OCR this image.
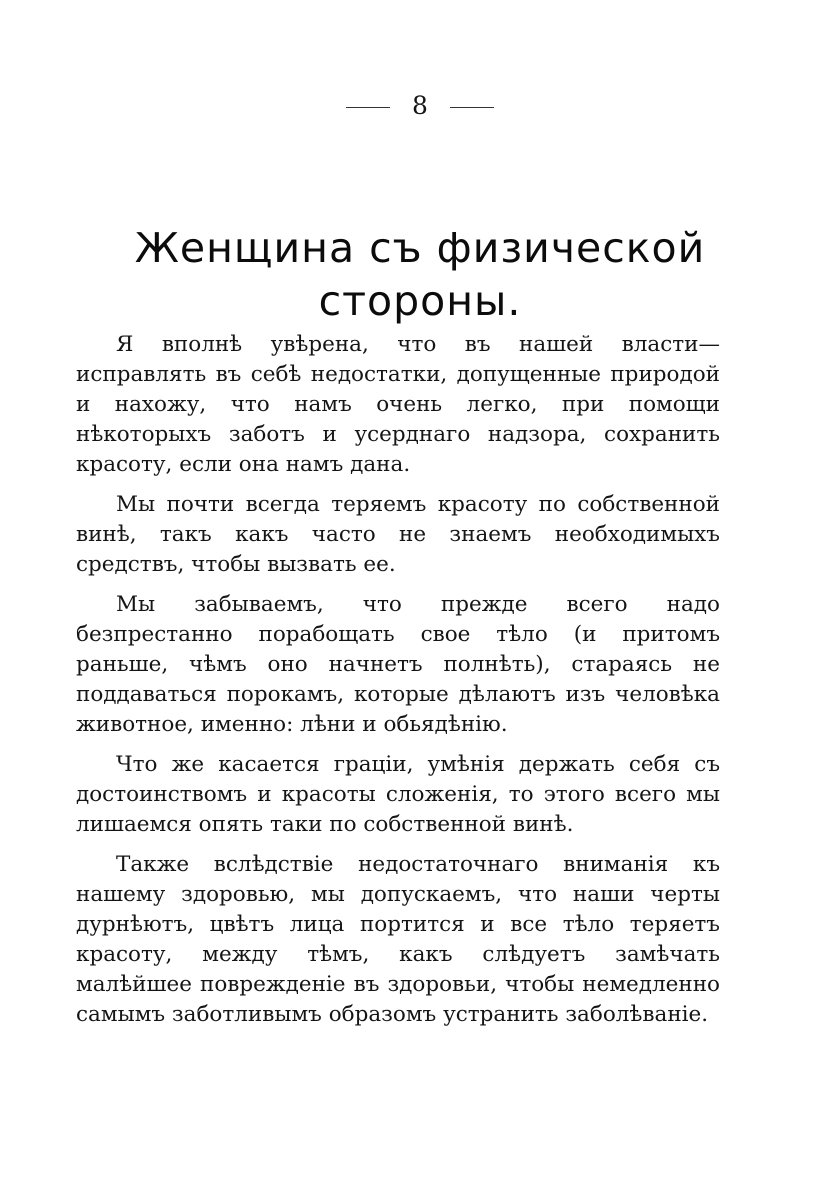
8
Женщина съ физической
стороны.

Я вполнѣ увѣрена, что въ нашей власти—исправлять въ себѣ недостатки, допущенные природой и нахожу, что намъ очень легко, при помощи нѣкоторыхъ заботъ и усерднаго надзора, сохранить красоту, если она намъ дана.

Мы почти всегда теряемъ красоту по собственной винѣ, такъ какъ часто не знаемъ необходимыхъ средствъ, чтобы вызвать ее.

Мы забываемъ, что прежде всего надо безпрестанно порабощать свое тѣло (и притомъ раньше, чѣмъ оно начнетъ полнѣть), стараясь не поддаваться порокамъ, которые дѣлаютъ изъ человѣка животное, именно: лѣни и обьядѣнiю.

Что же касается грацiи, умѣнiя держать себя съ достоинствомъ и красоты сложенiя, то этого всего мы лишаемся опять таки по собственной винѣ.

Также вслѣдствiе недостаточнаго вниманiя къ нашему здоровью, мы допускаемъ, что наши черты дурнѣютъ, цвѣтъ лица портится и все тѣло теряетъ красоту, между тѣмъ, какъ слѣдуетъ замѣчать малѣйшее поврежденiе въ здоровьи, чтобы немедленно самымъ заботливымъ образомъ устранить заболѣванiе.
